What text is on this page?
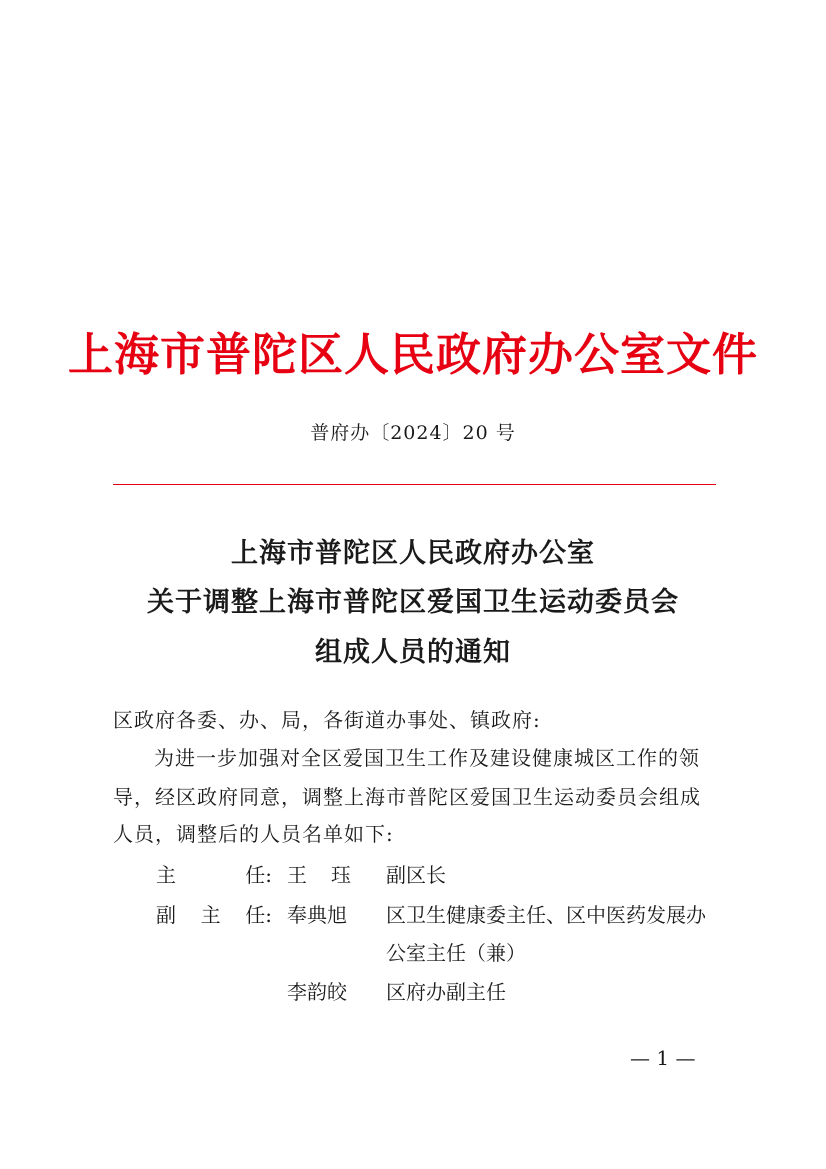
上海市普陀区人民政府办公室文件
普府办〔2024〕20 号
上海市普陀区人民政府办公室
关于调整上海市普陀区爱国卫生运动委员会
组成人员的通知
区政府各委、办、局，各街道办事处、镇政府:
为进一步加强对全区爱国卫生工作及建设健康城区工作的领
导，经区政府同意，调整上海市普陀区爱国卫生运动委员会组成
人员，调整后的人员名单如下:
主	任: 王 珏 副区长
副 主 任: 奉典旭 区卫生健康委主任、区中医药发展办
公室主任（兼）
李韵皎 区府办副主任
— 1 —
